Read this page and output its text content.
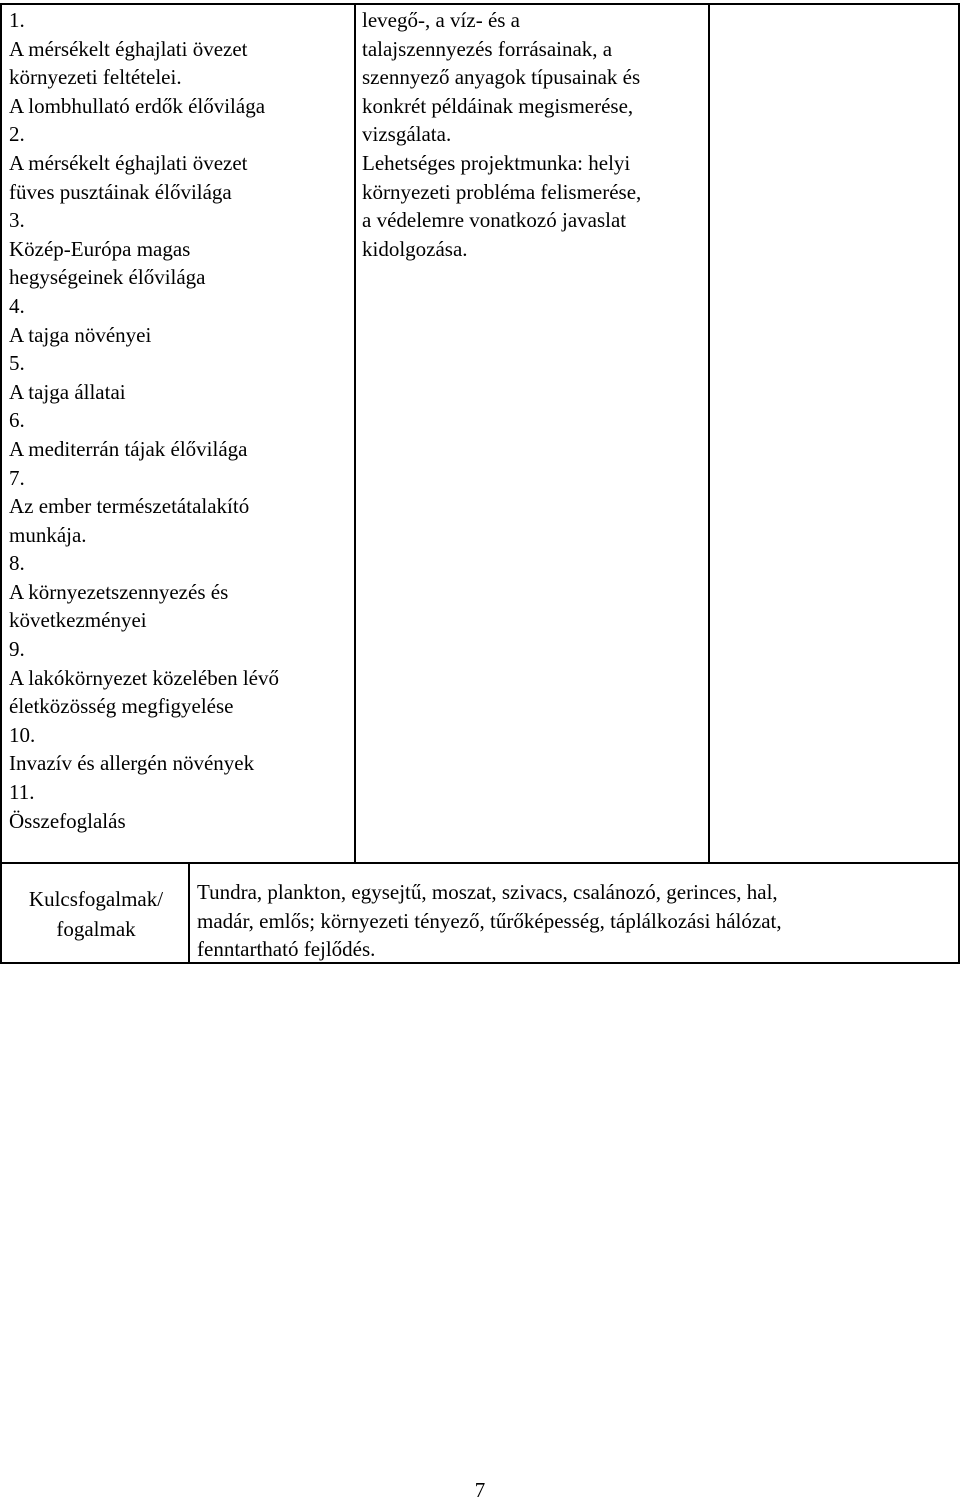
1.
A mérsékelt éghajlati övezet
környezeti feltételei.
A lombhullató erdők élővilága
2.
A mérsékelt éghajlati övezet
füves pusztáinak élővilága
3.
Közép-Európa magas
hegységeinek élővilága
4.
A tajga növényei
5.
A tajga állatai
6.
A mediterrán tájak élővilága
7.
Az ember természetátalakító
munkája.
8.
A környezetszennyezés és
következményei
9.
A lakókörnyezet közelében lévő
életközösség megfigyelése
10.
Invazív és allergén növények
11.
Összefoglalás
levegő-, a víz- és a
talajszennyezés forrásainak, a
szennyező anyagok típusainak és
konkrét példáinak megismerése,
vizsgálata.
Lehetséges projektmunka: helyi
környezeti probléma felismerése,
a védelemre vonatkozó javaslat
kidolgozása.
Kulcsfogalmak/
fogalmak
Tundra, plankton, egysejtű, moszat, szivacs, csalánozó, gerinces, hal,
madár, emlős; környezeti tényező, tűrőképesség, táplálkozási hálózat,
fenntartható fejlődés.
7
